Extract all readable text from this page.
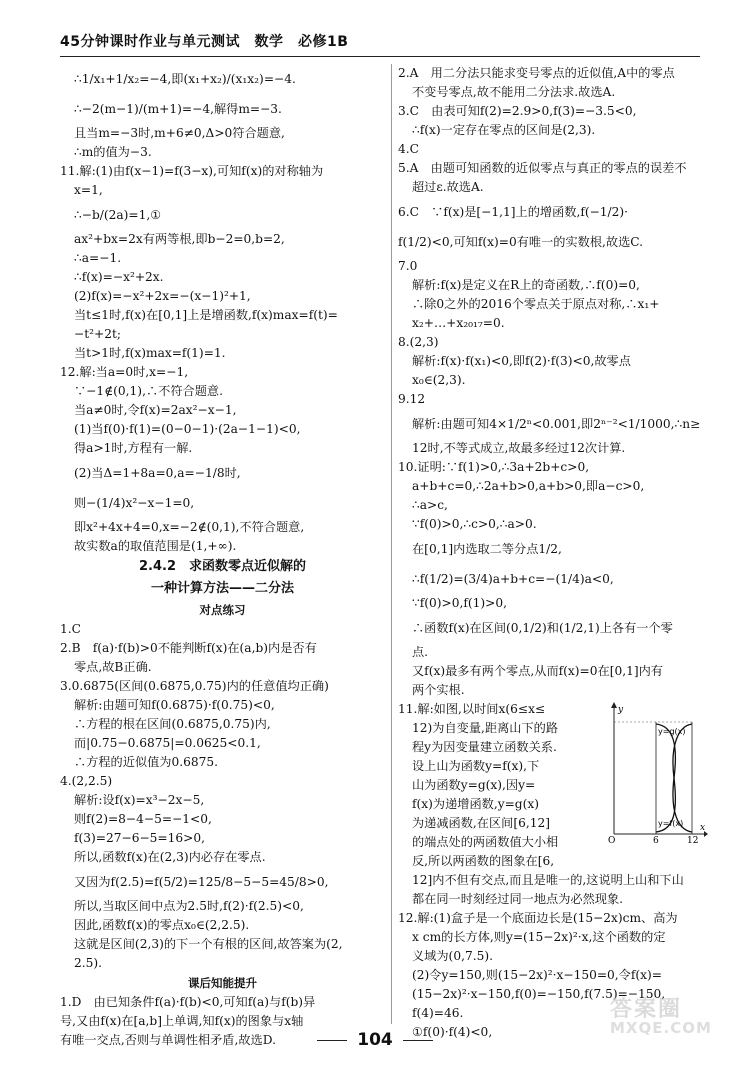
45分钟课时作业与单元测试　数学　必修1B
∴1/x₁+1/x₂=−4,即(x₁+x₂)/(x₁x₂)=−4.
∴−2(m−1)/(m+1)=−4,解得m=−3.
且当m=−3时,m+6≠0,Δ>0符合题意,
∴m的值为−3.
11.解:(1)由f(x−1)=f(3−x),可知f(x)的对称轴为
x=1,
∴−b/(2a)=1,①
ax²+bx=2x有两等根,即b−2=0,b=2,
∴a=−1.
∴f(x)=−x²+2x.
(2)f(x)=−x²+2x=−(x−1)²+1,
当t≤1时,f(x)在[0,1]上是增函数,f(x)max=f(t)=
−t²+2t;
当t>1时,f(x)max=f(1)=1.
12.解:当a=0时,x=−1,
∵−1∉(0,1),∴不符合题意.
当a≠0时,令f(x)=2ax²−x−1,
(1)当f(0)·f(1)=(0−0−1)·(2a−1−1)<0,
得a>1时,方程有一解.
(2)当Δ=1+8a=0,a=−1/8时,
则−(1/4)x²−x−1=0,
即x²+4x+4=0,x=−2∉(0,1),不符合题意,
故实数a的取值范围是(1,+∞).
2.4.2　求函数零点近似解的
一种计算方法——二分法
对点练习
1.C
2.B　f(a)·f(b)>0不能判断f(x)在(a,b)内是否有
零点,故B正确.
3.0.6875(区间(0.6875,0.75)内的任意值均正确)
解析:由题可知f(0.6875)·f(0.75)<0,
∴方程的根在区间(0.6875,0.75)内,
而|0.75−0.6875|=0.0625<0.1,
∴方程的近似值为0.6875.
4.(2,2.5)
解析:设f(x)=x³−2x−5,
则f(2)=8−4−5=−1<0,
f(3)=27−6−5=16>0,
所以,函数f(x)在(2,3)内必存在零点.
又因为f(2.5)=f(5/2)=125/8−5−5=45/8>0,
所以,当取区间中点为2.5时,f(2)·f(2.5)<0,
因此,函数f(x)的零点x₀∈(2,2.5).
这就是区间(2,3)的下一个有根的区间,故答案为(2,
2.5).
课后知能提升
1.D　由已知条件f(a)·f(b)<0,可知f(a)与f(b)异
号,又由f(x)在[a,b]上单调,知f(x)的图象与x轴
有唯一交点,否则与单调性相矛盾,故选D.
2.A　用二分法只能求变号零点的近似值,A中的零点
不变号零点,故不能用二分法求.故选A.
3.C　由表可知f(2)=2.9>0,f(3)=−3.5<0,
∴f(x)一定存在零点的区间是(2,3).
4.C
5.A　由题可知函数的近似零点与真正的零点的误差不
超过ε.故选A.
6.C　∵f(x)是[−1,1]上的增函数,f(−1/2)·
f(1/2)<0,可知f(x)=0有唯一的实数根,故选C.
7.0
解析:f(x)是定义在R上的奇函数,∴f(0)=0,
∴除0之外的2016个零点关于原点对称,∴x₁+
x₂+…+x₂₀₁₇=0.
8.(2,3)
解析:f(x)·f(x₁)<0,即f(2)·f(3)<0,故零点
x₀∈(2,3).
9.12
解析:由题可知4×1/2ⁿ<0.001,即2ⁿ⁻²<1/1000,∴n≥
12时,不等式成立,故最多经过12次计算.
10.证明:∵f(1)>0,∴3a+2b+c>0,
a+b+c=0,∴2a+b>0,a+b>0,即a−c>0,
∴a>c,
∵f(0)>0,∴c>0,∴a>0.
在[0,1]内选取二等分点1/2,
∴f(1/2)=(3/4)a+b+c=−(1/4)a<0,
∵f(0)>0,f(1)>0,
∴函数f(x)在区间(0,1/2)和(1/2,1)上各有一个零
点.
又f(x)最多有两个零点,从而f(x)=0在[0,1]内有
两个实根.
y=g(x)
y=f(x)
y
x
O	6	12
11.解:如图,以时间x(6≤x≤
12)为自变量,距离山下的路
程y为因变量建立函数关系.
设上山为函数y=f(x),下
山为函数y=g(x),因y=
f(x)为递增函数,y=g(x)
为递减函数,在区间[6,12]
的端点处的两函数值大小相
反,所以两函数的图象在[6,
12]内不但有交点,而且是唯一的,这说明上山和下山
都在同一时刻经过同一地点为必然现象.
12.解:(1)盒子是一个底面边长是(15−2x)cm、高为
x cm的长方体,则y=(15−2x)²·x,这个函数的定
义域为(0,7.5).
(2)令y=150,则(15−2x)²·x−150=0,令f(x)=
(15−2x)²·x−150,f(0)=−150,f(7.5)=−150,
f(4)=46.
①f(0)·f(4)<0,
104
答案圈
MXQE.COM
